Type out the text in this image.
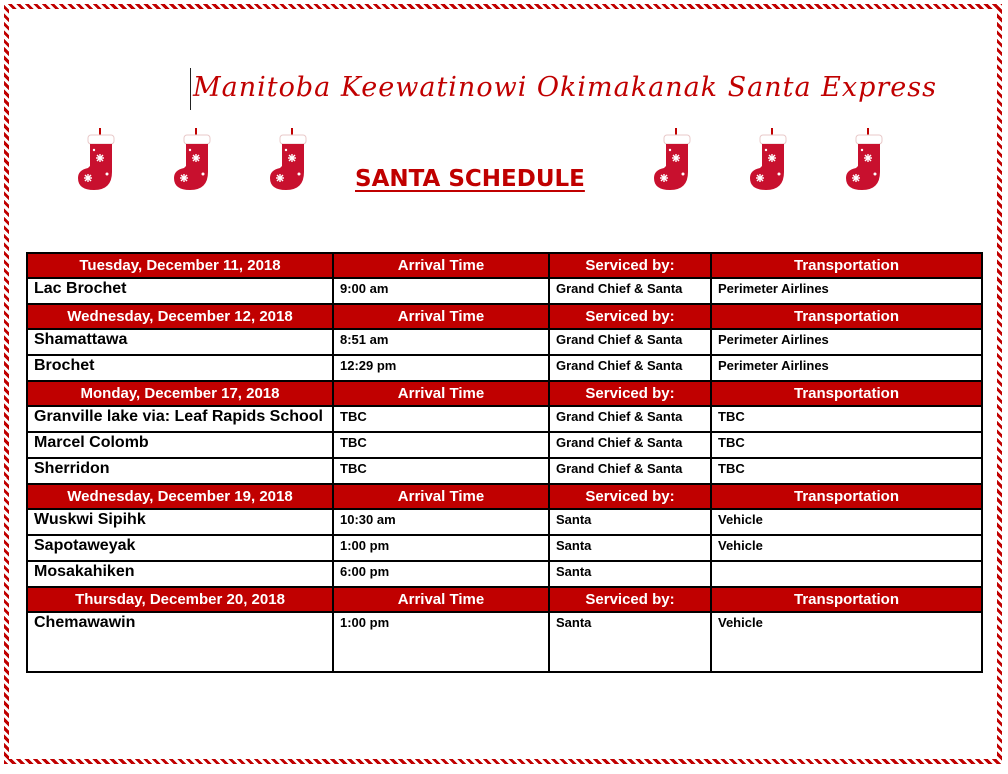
Manitoba Keewatinowi Okimakanak Santa Express
SANTA SCHEDULE
Tuesday, December 11, 2018	Arrival Time	Serviced by:	Transportation
Lac Brochet	9:00 am	Grand Chief & Santa	Perimeter Airlines
Wednesday, December 12, 2018	Arrival Time	Serviced by:	Transportation
Shamattawa	8:51 am	Grand Chief & Santa	Perimeter Airlines
Brochet	12:29 pm	Grand Chief & Santa	Perimeter Airlines
Monday, December 17, 2018	Arrival Time	Serviced by:	Transportation
Granville lake via: Leaf Rapids School	TBC	Grand Chief & Santa	TBC
Marcel Colomb	TBC	Grand Chief & Santa	TBC
Sherridon	TBC	Grand Chief & Santa	TBC
Wednesday, December 19, 2018	Arrival Time	Serviced by:	Transportation
Wuskwi Sipihk	10:30 am	Santa	Vehicle
Sapotaweyak	1:00 pm	Santa	Vehicle
Mosakahiken	6:00 pm	Santa	
Thursday, December 20, 2018	Arrival Time	Serviced by:	Transportation
Chemawawin	1:00 pm	Santa	Vehicle
